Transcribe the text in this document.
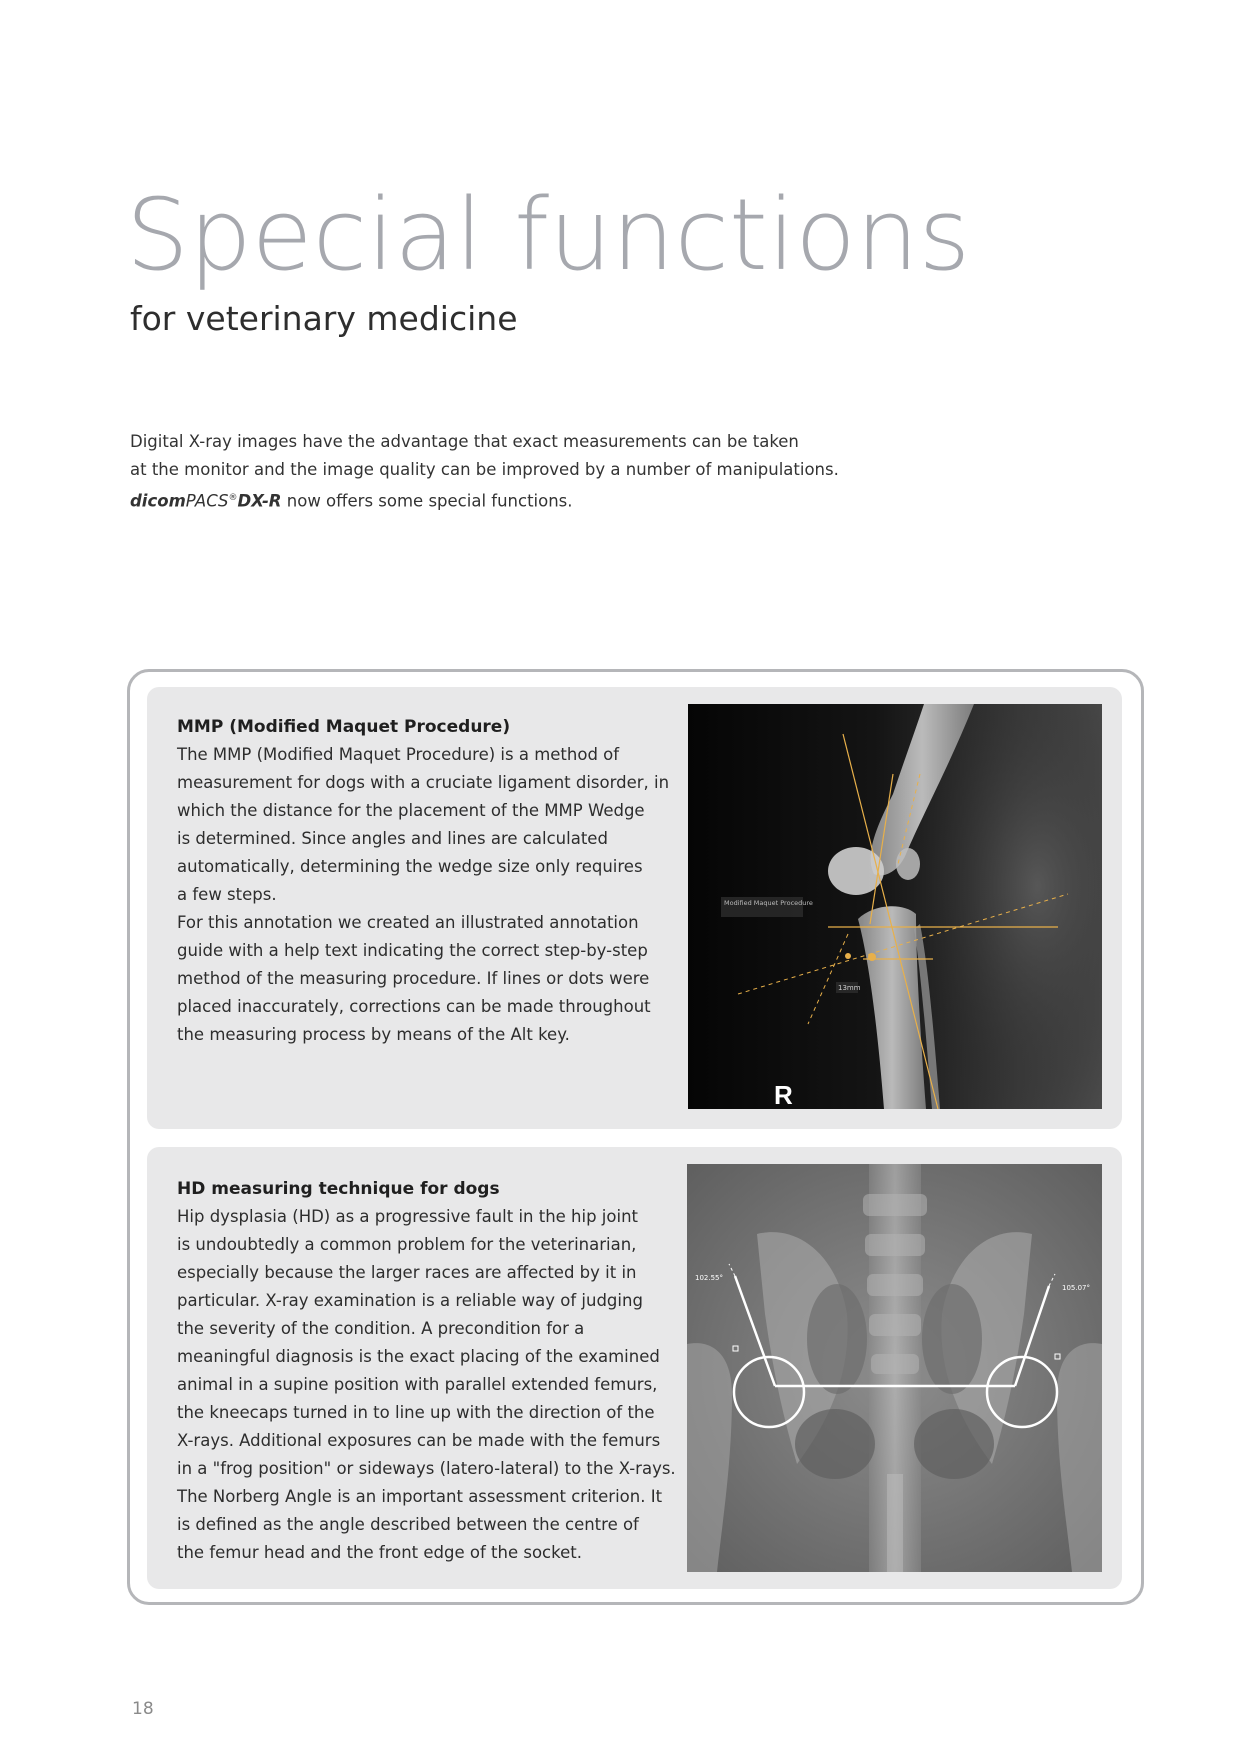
Special functions
for veterinary medicine

Digital X-ray images have the advantage that exact measurements can be taken

at the monitor and the image quality can be improved by a number of manipulations.

dicomPACS®DX-R now offers some special functions.

MMP (Modified Maquet Procedure)

The MMP (Modified Maquet Procedure) is a method of

measurement for dogs with a cruciate ligament disorder, in

which the distance for the placement of the MMP Wedge

is determined. Since angles and lines are calculated

automatically, determining the wedge size only requires

a few steps.

For this annotation we created an illustrated annotation

guide with a help text indicating the correct step-by-step

method of the measuring procedure. If lines or dots were

placed inaccurately, corrections can be made throughout

the measuring process by means of the Alt key.

Modified Maquet Procedure
13mm
R
HD measuring technique for dogs

Hip dysplasia (HD) as a progressive fault in the hip joint

is undoubtedly a common problem for the veterinarian,

especially because the larger races are affected by it in

particular. X-ray examination is a reliable way of judging

the severity of the condition. A precondition for a

meaningful diagnosis is the exact placing of the examined

animal in a supine position with parallel extended femurs,

the kneecaps turned in to line up with the direction of the

X-rays. Additional exposures can be made with the femurs

in a "frog position" or sideways (latero-lateral) to the X-rays.

The Norberg Angle is an important assessment criterion. It

is defined as the angle described between the centre of

the femur head and the front edge of the socket.

102.55°
105.07°
18
